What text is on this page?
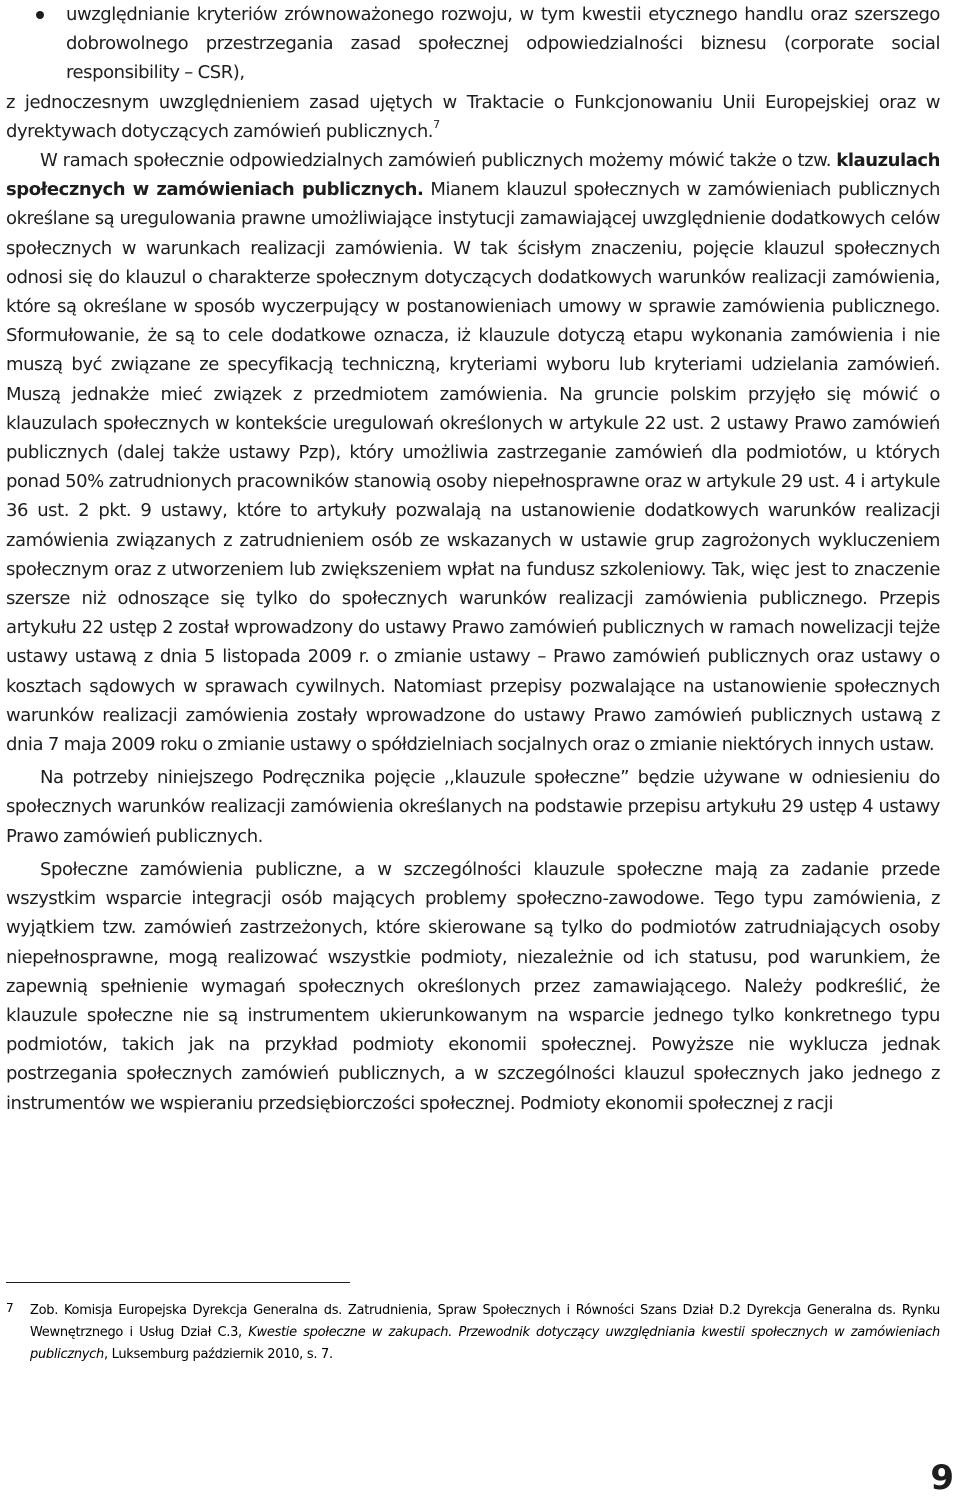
uwzględnianie kryteriów zrównoważonego rozwoju, w tym kwestii etycznego handlu oraz szerszego dobrowolnego przestrzegania zasad społecznej odpowiedzialności biznesu (corporate social responsibility – CSR),

z jednoczesnym uwzględnieniem zasad ujętych w Traktacie o Funkcjonowaniu Unii Europejskiej oraz w dyrektywach dotyczących zamówień publicznych.$^7$

W ramach społecznie odpowiedzialnych zamówień publicznych możemy mówić także o tzw. klauzulach społecznych w zamówieniach publicznych. Mianem klauzul społecznych w zamówieniach publicznych określane są uregulowania prawne umożliwiające instytucji zamawiającej uwzględnienie dodatkowych celów społecznych w warunkach realizacji zamówienia. W tak ścisłym znaczeniu, pojęcie klauzul społecznych odnosi się do klauzul o charakterze społecznym dotyczących dodatkowych warunków realizacji zamówienia, które są określane w sposób wyczerpujący w postanowieniach umowy w sprawie zamówienia publicznego. Sformułowanie, że są to cele dodatkowe oznacza, iż klauzule dotyczą etapu wykonania zamówienia i nie muszą być związane ze specyfikacją techniczną, kryteriami wyboru lub kryteriami udzielania zamówień. Muszą jednakże mieć związek z przedmiotem zamówienia. Na gruncie polskim przyjęło się mówić o klauzulach społecznych w kontekście uregulowań określonych w artykule 22 ust. 2 ustawy Prawo zamówień publicznych (dalej także ustawy Pzp), który umożliwia zastrzeganie zamówień dla podmiotów, u których ponad 50% zatrudnionych pracowników stanowią osoby niepełnosprawne oraz w artykule 29 ust. 4 i artykule 36 ust. 2 pkt. 9 ustawy, które to artykuły pozwalają na ustanowienie dodatkowych warunków realizacji zamówienia związanych z zatrudnieniem osób ze wskazanych w ustawie grup zagrożonych wykluczeniem społecznym oraz z utworzeniem lub zwiększeniem wpłat na fundusz szkoleniowy. Tak, więc jest to znaczenie szersze niż odnoszące się tylko do społecznych warunków realizacji zamówienia publicznego. Przepis artykułu 22 ustęp 2 został wprowadzony do ustawy Prawo zamówień publicznych w ramach nowelizacji tejże ustawy ustawą z dnia 5 listopada 2009 r. o zmianie ustawy – Prawo zamówień publicznych oraz ustawy o kosztach sądowych w sprawach cywilnych. Natomiast przepisy pozwalające na ustanowienie społecznych warunków realizacji zamówienia zostały wprowadzone do ustawy Prawo zamówień publicznych ustawą z dnia 7 maja 2009 roku o zmianie ustawy o spółdzielniach socjalnych oraz o zmianie niektórych innych ustaw.

Na potrzeby niniejszego Podręcznika pojęcie ,,klauzule społeczne” będzie używane w odniesieniu do społecznych warunków realizacji zamówienia określanych na podstawie przepisu artykułu 29 ustęp 4 ustawy Prawo zamówień publicznych.

Społeczne zamówienia publiczne, a w szczególności klauzule społeczne mają za zadanie przede wszystkim wsparcie integracji osób mających problemy społeczno-zawodowe. Tego typu zamówienia, z wyjątkiem tzw. zamówień zastrzeżonych, które skierowane są tylko do podmiotów zatrudniających osoby niepełnosprawne, mogą realizować wszystkie podmioty, niezależnie od ich statusu, pod warunkiem, że zapewnią spełnienie wymagań społecznych określonych przez zamawiającego. Należy podkreślić, że klauzule społeczne nie są instrumentem ukierunkowanym na wsparcie jednego tylko konkretnego typu podmiotów, takich jak na przykład podmioty ekonomii społecznej. Powyższe nie wyklucza jednak postrzegania społecznych zamówień publicznych, a w szczególności klauzul społecznych jako jednego z instrumentów we wspieraniu przedsiębiorczości społecznej. Podmioty ekonomii społecznej z racji

7	Zob. Komisja Europejska Dyrekcja Generalna ds. Zatrudnienia, Spraw Społecznych i Równości Szans Dział D.2 Dyrekcja Generalna ds. Rynku Wewnętrznego i Usług Dział C.3, Kwestie społeczne w zakupach. Przewodnik dotyczący uwzględniania kwestii społecznych w zamówieniach publicznych, Luksemburg październik 2010, s. 7.
9
